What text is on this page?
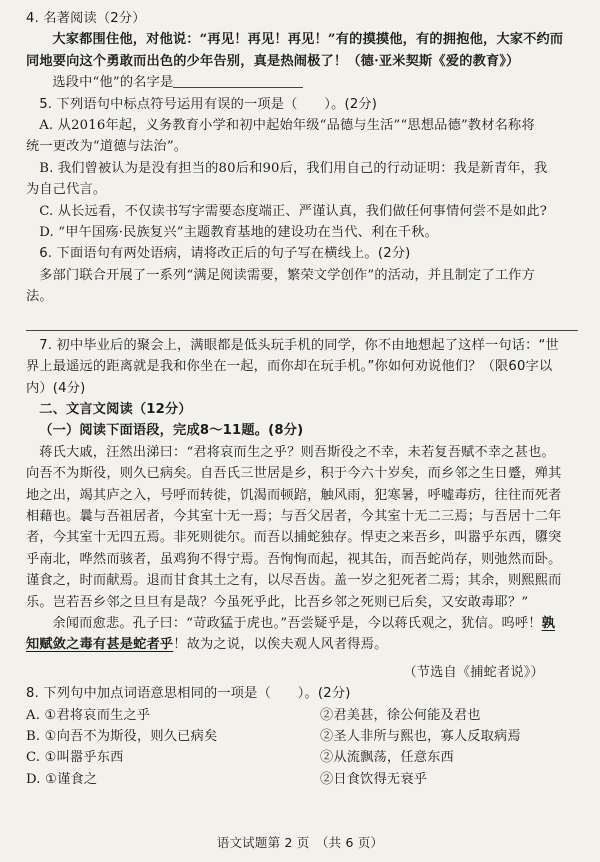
4. 名著阅读（2分）
大家都围住他，对他说：“再见！再见！再见！”有的摸摸他，有的拥抱他，大家不约而
同地要向这个勇敢而出色的少年告别，真是热闹极了！（德·亚米契斯《爱的教育》）
选段中“他”的名字是
5. 下列语句中标点符号运用有误的一项是（　　）。(2分)
A. 从2016年起，义务教育小学和初中起始年级“品德与生活”“思想品德”教材名称将
统一更改为“道德与法治”。
B. 我们曾被认为是没有担当的80后和90后，我们用自己的行动证明：我是新青年，我
为自己代言。
C. 从长远看，不仅读书写字需要态度端正、严谨认真，我们做任何事情何尝不是如此?
D. “甲午国殇·民族复兴”主题教育基地的建设功在当代、利在千秋。
6. 下面语句有两处语病，请将改正后的句子写在横线上。(2分)
多部门联合开展了一系列“满足阅读需要，繁荣文学创作”的活动，并且制定了工作方
法。
7. 初中毕业后的聚会上，满眼都是低头玩手机的同学，你不由地想起了这样一句话：“世
界上最遥远的距离就是我和你坐在一起，而你却在玩手机。”你如何劝说他们？（限60字以
内）(4分)
二、文言文阅读（12分）
（一）阅读下面语段，完成8～11题。(8分)
蒋氏大戚，汪然出涕曰：“君将哀而生之乎？则吾斯役之不幸，未若复吾赋不幸之甚也。
向吾不为斯役，则久已病矣。自吾氏三世居是乡，积于今六十岁矣，而乡邻之生日蹙，殚其
地之出，竭其庐之入，号呼而转徙，饥渴而顿踣，触风雨，犯寒暑，呼嘘毒疠，往往而死者
相藉也。曩与吾祖居者，今其室十无一焉；与吾父居者，今其室十无二三焉；与吾居十二年
者，今其室十无四五焉。非死则徙尔。而吾以捕蛇独存。悍吏之来吾乡，叫嚣乎东西，隳突
乎南北，哗然而骇者，虽鸡狗不得宁焉。吾恂恂而起，视其缶，而吾蛇尚存，则弛然而卧。
谨食之，时而献焉。退而甘食其土之有，以尽吾齿。盖一岁之犯死者二焉；其余，则熙熙而
乐。岂若吾乡邻之旦旦有是哉？今虽死乎此，比吾乡邻之死则已后矣，又安敢毒耶？”
余闻而愈悲。孔子曰：“苛政猛于虎也。”吾尝疑乎是，今以蒋氏观之，犹信。呜呼！孰
知赋敛之毒有甚是蛇者乎！故为之说，以俟夫观人风者得焉。
（节选自《捕蛇者说》）
8. 下列句中加点词语意思相同的一项是（　　）。(2分)
A. ①君将哀而生之乎	②君美甚，徐公何能及君也
B. ①向吾不为斯役，则久已病矣	②圣人非所与熙也，寡人反取病焉
C. ①叫嚣乎东西	②从流飘荡，任意东西
D. ①谨食之	②日食饮得无衰乎
语文试题第 2 页　（共 6 页）
